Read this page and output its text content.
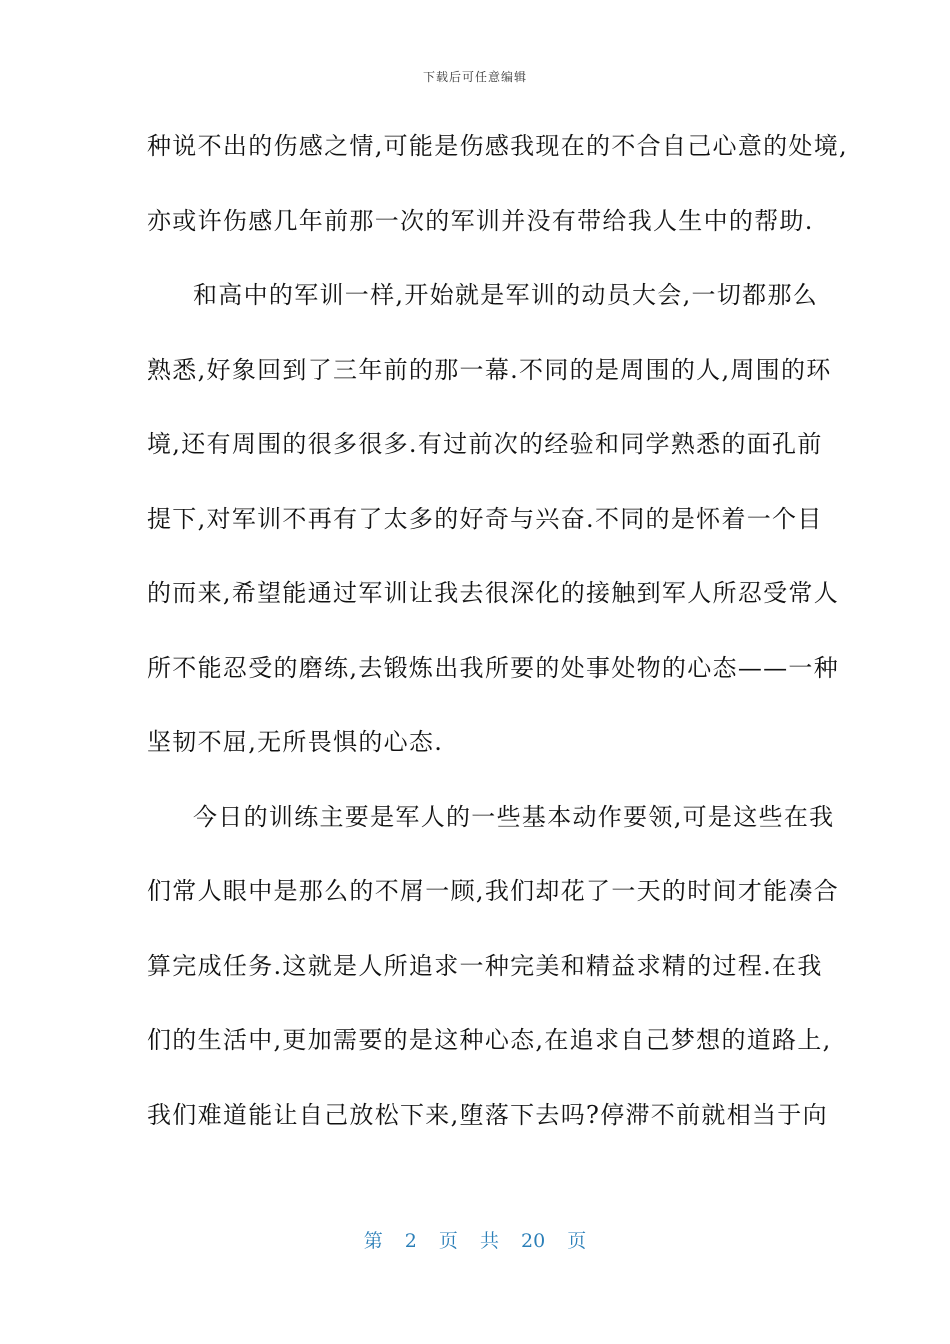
下载后可任意编辑
种说不出的伤感之情,可能是伤感我现在的不合自己心意的处境,
亦或许伤感几年前那一次的军训并没有带给我人生中的帮助.
和高中的军训一样,开始就是军训的动员大会,一切都那么
熟悉,好象回到了三年前的那一幕.不同的是周围的人,周围的环
境,还有周围的很多很多.有过前次的经验和同学熟悉的面孔前
提下,对军训不再有了太多的好奇与兴奋.不同的是怀着一个目
的而来,希望能通过军训让我去很深化的接触到军人所忍受常人
所不能忍受的磨练,去锻炼出我所要的处事处物的心态——一种
坚韧不屈,无所畏惧的心态.
今日的训练主要是军人的一些基本动作要领,可是这些在我
们常人眼中是那么的不屑一顾,我们却花了一天的时间才能凑合
算完成任务.这就是人所追求一种完美和精益求精的过程.在我
们的生活中,更加需要的是这种心态,在追求自己梦想的道路上,
我们难道能让自己放松下来,堕落下去吗?停滞不前就相当于向
第 2 页 共 20 页
